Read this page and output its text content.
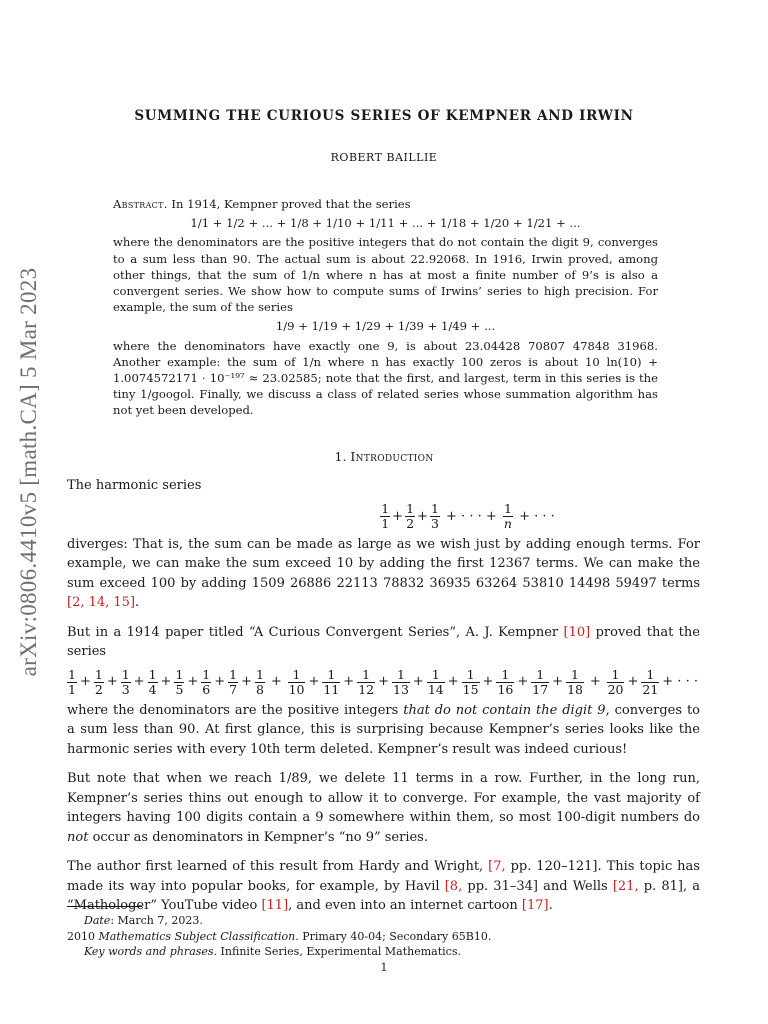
arXiv:0806.4410v5 [math.CA] 5 Mar 2023
SUMMING THE CURIOUS SERIES OF KEMPNER AND IRWIN
ROBERT BAILLIE

Abstract. In 1914, Kempner proved that the series

1/1 + 1/2 + ... + 1/8 + 1/10 + 1/11 + ... + 1/18 + 1/20 + 1/21 + ...

where the denominators are the positive integers that do not contain the digit 9, converges to a sum less than 90. The actual sum is about 22.92068. In 1916, Irwin proved, among other things, that the sum of 1/n where n has at most a finite number of 9’s is also a convergent series. We show how to compute sums of Irwins’ series to high precision. For example, the sum of the series

1/9 + 1/19 + 1/29 + 1/39 + 1/49 + ...

where the denominators have exactly one 9, is about 23.04428 70807 47848 31968. Another example: the sum of 1/n where n has exactly 100 zeros is about 10 ln(10) + 1.0074572171 · 10⁻¹⁹⁷ ≈ 23.02585; note that the first, and largest, term in this series is the tiny 1/googol. Finally, we discuss a class of related series whose summation algorithm has not yet been developed.

1. Introduction

The harmonic series

$\frac{1}{1} + \frac{1}{2} + \frac{1}{3}$ + · · · + $\frac{1}{n}$ + · · ·

diverges: That is, the sum can be made as large as we wish just by adding enough terms. For example, we can make the sum exceed 10 by adding the first 12367 terms. We can make the sum exceed 100 by adding 1509 26886 22113 78832 36935 63264 53810 14498 59497 terms [2, 14, 15].

But in a 1914 paper titled “A Curious Convergent Series”, A. J. Kempner [10] proved that the series

$\frac{1}{1} + \frac{1}{2} + \frac{1}{3} + \frac{1}{4} + \frac{1}{5} + \frac{1}{6} + \frac{1}{7} + \frac{1}{8} + \frac{1}{10} + \frac{1}{11} + \frac{1}{12} + \frac{1}{13} + \frac{1}{14} + \frac{1}{15} + \frac{1}{16} + \frac{1}{17} + \frac{1}{18} + \frac{1}{20} + \frac{1}{21}$ + · · ·

where the denominators are the positive integers that do not contain the digit 9, converges to a sum less than 90. At first glance, this is surprising because Kempner’s series looks like the harmonic series with every 10th term deleted. Kempner’s result was indeed curious!

But note that when we reach 1/89, we delete 11 terms in a row. Further, in the long run, Kempner’s series thins out enough to allow it to converge. For example, the vast majority of integers having 100 digits contain a 9 somewhere within them, so most 100-digit numbers do not occur as denominators in Kempner’s “no 9” series.

The author first learned of this result from Hardy and Wright, [7, pp. 120–121]. This topic has made its way into popular books, for example, by Havil [8, pp. 31–34] and Wells [21, p. 81], a “Mathologer” YouTube video [11], and even into an internet cartoon [17].

Date: March 7, 2023.
2010 Mathematics Subject Classification. Primary 40-04; Secondary 65B10.
Key words and phrases. Infinite Series, Experimental Mathematics.
1
